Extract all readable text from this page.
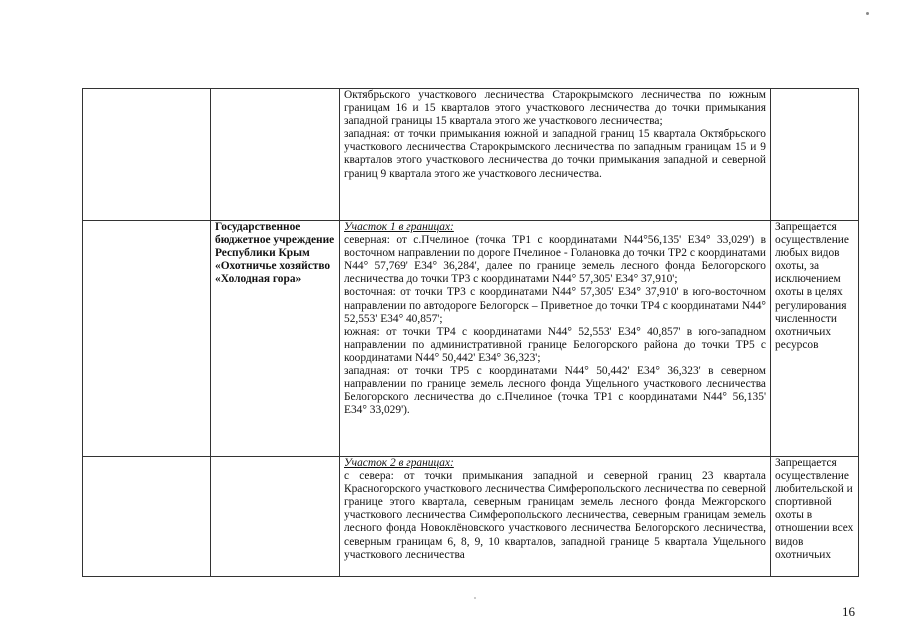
		Октябрьского участкового лесничества Старокрымского лесничества по южным границам 16 и 15 кварталов этого участкового лесничества до точки примыкания западной границы 15 квартала этого же участкового лесничества;
западная: от точки примыкания южной и западной границ 15 квартала Октябрьского участкового лесничества Старокрымского лесничества по западным границам 15 и 9 кварталов этого участкового лесничества до точки примыкания западной и северной границ 9 квартала этого же участкового лесничества.	

	Государственное бюджетное учреждение Республики Крым «Охотничье хозяйство «Холодная гора»	Участок 1 в границах:
северная: от с.Пчелиное (точка ТР1 с координатами N44°56,135' E34° 33,029') в восточном направлении по дороге Пчелиное - Голановка до точки ТР2 с координатами N44° 57,769' E34° 36,284', далее по границе земель лесного фонда Белогорского лесничества до точки ТР3 с координатами N44° 57,305' E34° 37,910';
восточная: от точки ТР3 с координатами N44° 57,305' E34° 37,910' в юго-восточном направлении по автодороге Белогорск – Приветное до точки ТР4 с координатами N44° 52,553' E34° 40,857';
южная: от точки ТР4 с координатами N44° 52,553' E34° 40,857' в юго-западном направлении по административной границе Белогорского района до точки ТР5 с координатами N44° 50,442' E34° 36,323';
западная: от точки ТР5 с координатами N44° 50,442' E34° 36,323' в северном направлении по границе земель лесного фонда Ущельного участкового лесничества Белогорского лесничества до с.Пчелиное (точка ТР1 с координатами N44° 56,135' E34° 33,029').	Запрещается осуществление любых видов охоты, за исключением охоты в целях регулирования численности охотничьих ресурсов

		Участок 2 в границах:
с севера: от точки примыкания западной и северной границ 23 квартала Красногорского участкового лесничества Симферопольского лесничества по северной границе этого квартала, северным границам земель лесного фонда Межгорского участкового лесничества Симферопольского лесничества, северным границам земель лесного фонда Новоклёновского участкового лесничества Белогорского лесничества, северным границам 6, 8, 9, 10 кварталов, западной границе 5 квартала Ущельного участкового лесничества	Запрещается осуществление любительской и спортивной охоты в отношении всех видов охотничьих
16
